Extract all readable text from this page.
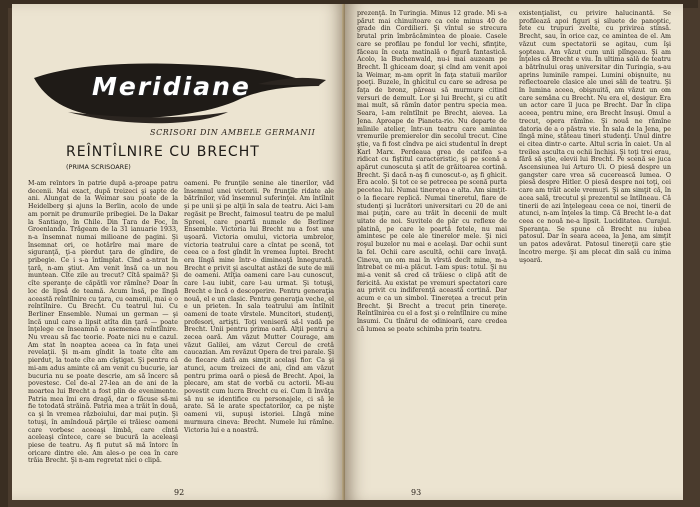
Meridiane

SCRISORI DIN AMBELE GERMANII

REÎNTÎLNIRE CU BRECHT

(PRIMA SCRISOARE)

M-am reîntors în patrie după a-proape patru decenii. Mai exact, după treizeci şi şapte de ani. Alungat de la Weimar sau poate de la Heidelberg şi ajuns la Berlin, acolo de unde am pornit pe drumurile pribegiei. De la Dakar la Santiago, în Chile. Din Țara de Foc, în Groenlanda. Trăgeam de la 31 ianuarie 1933, n-a însemnat numai milioane de pagini. Şi însemnat ori, ce hotărîre mai mare de siguranţă, ţi-a pierdut ţara de gîndire, de pribegie. Ce i s-a întîmplat. Cînd a-ntrat în ţară, n-am ştiut. Am venit însă ca un nou muntean. Cîte zile au trecut? Cîtă spaimă? Şi cîte speranţe de căpătîi vor rămîne? Doar în loc de lipsă de teamă. Acum însă, pe lîngă această reîntîlnire cu ţara, cu oamenii, mai e o reîntîlnire. Cu Brecht. Cu teatrul lui. Cu Berliner Ensemble. Numai un german — şi încă unul care a lipsit atîta din ţară — poate înţelege ce înseamnă o asemenea reîntîlnire. Nu vreau să fac teorie. Poate nici nu e cazul. Am stat în noaptea aceea ca în faţa unei revelaţii. Şi m-am gîndit la toate cîte am pierdut, la toate cîte am cîştigat. Şi pentru că mi-am adus aminte că am venit cu bucurie, iar bucuria nu se poate descrie, am să încerc să povestesc. Cel de-al 27-lea an de ani de la moartea lui Brecht a fost plin de evenimente. Patria mea îmi era dragă, dar o făcuse să-mi fie totodată străină. Patria mea a trăit în două, ca şi în vremea războiului, dar mai puţin. Şi totuşi, în amîndouă părţile ei trăiesc oameni care vorbesc aceeaşi limbă, care cîntă aceleaşi cîntece, care se bucură la aceleaşi piese de teatru. Aş fi putut să mă întorc în oricare dintre ele. Am ales-o pe cea în care trăia Brecht. Şi n-am regretat nici o clipă.

oameni. Pe frunţile senine ale tinerilor, văd însemnul unei victorii. Pe frunţile ridate ale bătrînilor, văd însemnul suferinţei. Am întîlnit şi pe unii şi pe alţii în sala de teatru. Aici l-am regăsit pe Brecht, faimosul teatru de pe malul Spreei, care poartă numele de Berliner Ensemble. Victoria lui Brecht nu a fost una uşoară. Victoria omului, victoria umbrelor, victoria teatrului care a cîntat pe scenă, tot ceea ce a fost gîndit în vremea luptei. Brecht era lîngă mine într-o dimineaţă înnegurată. Brecht e privit şi ascultat astăzi de sute de mii de oameni. Atîţia oameni care l-au cunoscut, care l-au iubit, care l-au urmat. Şi totuşi, Brecht e încă o descoperire. Pentru generaţia nouă, el e un clasic. Pentru generaţia veche, el e un prieten. În sala teatrului am întîlnit oameni de toate vîrstele. Muncitori, studenţi, profesori, artişti. Toţi veniseră să-l vadă pe Brecht. Unii pentru prima oară. Alţii pentru a zecea oară. Am văzut Mutter Courage, am văzut Galilei, am văzut Cercul de cretă caucazian. Am revăzut Opera de trei parale. Şi de fiecare dată am simţit acelaşi fior. Ca şi atunci, acum treizeci de ani, cînd am văzut pentru prima oară o piesă de Brecht. Apoi, la plecare, am stat de vorbă cu actorii. Mi-au povestit cum lucra Brecht cu ei. Cum îi învăţa să nu se identifice cu personajele, ci să le arate. Să le arate spectatorilor, ca pe nişte oameni vii, supuşi istoriei. Lîngă mine murmura cineva: Brecht. Numele lui rămîne. Victoria lui e a noastră.

92

prezenţă. În Turingia. Minus 12 grade. Mi s-a părut mai chinuitoare ca cele minus 40 de grade din Cordilieri. Şi vîntul se strecura brutal prin îmbrăcămintea de ploaie. Casele care se profilau pe fondul lor vechi, sfinţite, făceau în ceaţa matinală o figură fantastică. Acolo, la Buchenwald, nu-i mai auzeam pe Brecht. Îl ghiceam doar, şi cînd am venit apoi la Weimar, m-am oprit în faţa statuii marilor poeţi. Buzele, în ghicitul cu care se adresa pe faţa de bronz, păreau să murmure citind versuri de demult. Lor şi lui Brecht, şi cu atît mai mult, să rămîn dator pentru specia mea. Seara, l-am reîntîlnit pe Brecht, aievea. La Jena. Aproape de Pianeta-rio. Nu departe de mîinile atelier, într-un teatru care amintea vremurile premierelor din secolul trecut. Cine ştie, va fi fost cîndva pe aici studentul în drept Karl Marx. Perdeaua grea de catifea s-a ridicat cu fiştitul caracteristic, şi pe scenă a apărut cunoscuta şi atît de grăitoarea cortină. Brecht. Şi dacă n-aş fi cunoscut-o, aş fi ghicit. Era acolo. Şi tot ce se petrecea pe scenă purta pecetea lui. Numai tinereţea e alta. Am simţit-o la fiecare replică. Numai tineretul, fiare de studenţi şi lucrători universitari cu 20 de ani mai puţin, care au trăit în decenii de mult uitate de noi. Suvitele de păr cu reflexe de platină, pe care le poartă fetele, nu mai amintesc pe cele ale tinerelor mele. Şi nici roşul buzelor nu mai e acelaşi. Dar ochii sunt la fel. Ochii care ascultă, ochii care învaţă. Cineva, un om mai în vîrstă decît mine, m-a întrebat ce mi-a plăcut. I-am spus: totul. Şi nu mi-a venit să cred că trăiesc o clipă atît de fericită. Au existat pe vremuri spectatori care au privit cu indiferenţă această cortină. Dar acum e ca un simbol. Tinereţea a trecut prin Brecht. Şi Brecht a trecut prin tinereţe. Reîntîlnirea cu el a fost şi o reîntîlnire cu mine însumi. Cu tînărul de odinioară, care credea că lumea se poate schimba prin teatru.

existenţialist, cu privire halucinantă. Se profilează apoi figuri şi siluete de panoptic, fete cu trupuri zvelte, cu privirea stinsă. Brecht, sau, în orice caz, ce amintea de el. Am văzut cum spectatorii se agitau, cum îşi şopteau. Am văzut cum unii plîngeau. Şi am înţeles că Brecht e viu. În ultima sală de teatru a bătrînului oraş universitar din Turingia, s-au aprins luminile rampei. Lumini obişnuite, nu reflectoarele clasice ale unei săli de teatru. Şi în lumina aceea, obişnuită, am văzut un om care semăna cu Brecht. Nu era el, desigur. Era un actor care îl juca pe Brecht. Dar în clipa aceea, pentru mine, era Brecht însuşi. Omul a trecut, opera rămîne. Şi nouă ne rămîne datoria de a o păstra vie. În sala de la Jena, pe lîngă mine, stăteau tineri studenţi. Unul dintre ei citea dintr-o carte. Altul scria în caiet. Un al treilea asculta cu ochii închişi. Şi toţi trei erau, fără să ştie, elevii lui Brecht. Pe scenă se juca Ascensiunea lui Arturo Ui. O piesă despre un gangster care vrea să cucerească lumea. O piesă despre Hitler. O piesă despre noi toţi, cei care am trăit acele vremuri. Şi am simţit că, în acea sală, trecutul şi prezentul se întîlneau. Că tinerii de azi înţelegeau ceea ce noi, tinerii de atunci, n-am înţeles la timp. Că Brecht le-a dat ceea ce nouă ne-a lipsit. Luciditatea. Curajul. Speranţa. Se spune că Brecht nu iubea patosul. Dar în seara aceea, la Jena, am simţit un patos adevărat. Patosul tinereţii care ştie încotro merge. Şi am plecat din sală cu inima uşoară.

93
